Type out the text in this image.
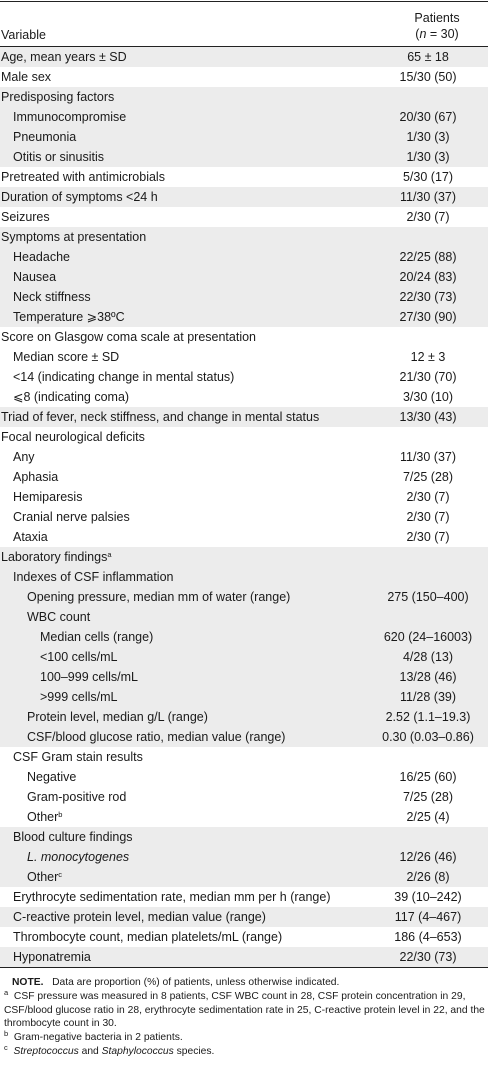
Variable
Patients
(n = 30)
Age, mean years ± SD	65 ± 18
Male sex	15/30 (50)
Predisposing factors
Immunocompromise	20/30 (67)
Pneumonia	1/30 (3)
Otitis or sinusitis	1/30 (3)
Pretreated with antimicrobials	5/30 (17)
Duration of symptoms <24 h	11/30 (37)
Seizures	2/30 (7)
Symptoms at presentation
Headache	22/25 (88)
Nausea	20/24 (83)
Neck stiffness	22/30 (73)
Temperature ⩾38ºC	27/30 (90)
Score on Glasgow coma scale at presentation
Median score ± SD	12 ± 3
<14 (indicating change in mental status)	21/30 (70)
⩽8 (indicating coma)	3/30 (10)
Triad of fever, neck stiffness, and change in mental status	13/30 (43)
Focal neurological deficits
Any	11/30 (37)
Aphasia	7/25 (28)
Hemiparesis	2/30 (7)
Cranial nerve palsies	2/30 (7)
Ataxia	2/30 (7)
Laboratory findings$^a$
Indexes of CSF inflammation
Opening pressure, median mm of water (range)	275 (150–400)
WBC count
Median cells (range)	620 (24–16003)
<100 cells/mL	4/28 (13)
100–999 cells/mL	13/28 (46)
>999 cells/mL	11/28 (39)
Protein level, median g/L (range)	2.52 (1.1–19.3)
CSF/blood glucose ratio, median value (range)	0.30 (0.03–0.86)
CSF Gram stain results
Negative	16/25 (60)
Gram-positive rod	7/25 (28)
Other$^b$	2/25 (4)
Blood culture findings
L. monocytogenes	12/26 (46)
Other$^c$	2/26 (8)
Erythrocyte sedimentation rate, median mm per h (range)	39 (10–242)
C-reactive protein level, median value (range)	117 (4–467)
Thrombocyte count, median platelets/mL (range)	186 (4–653)
Hyponatremia	22/30 (73)

NOTE. Data are proportion (%) of patients, unless otherwise indicated.

$^a$ CSF pressure was measured in 8 patients, CSF WBC count in 28, CSF protein concentration in 29, CSF/blood glucose ratio in 28, erythrocyte sedimentation rate in 25, C-reactive protein level in 22, and the thrombocyte count in 30.

$^b$ Gram-negative bacteria in 2 patients.

$^c$ Streptococcus and Staphylococcus species.
